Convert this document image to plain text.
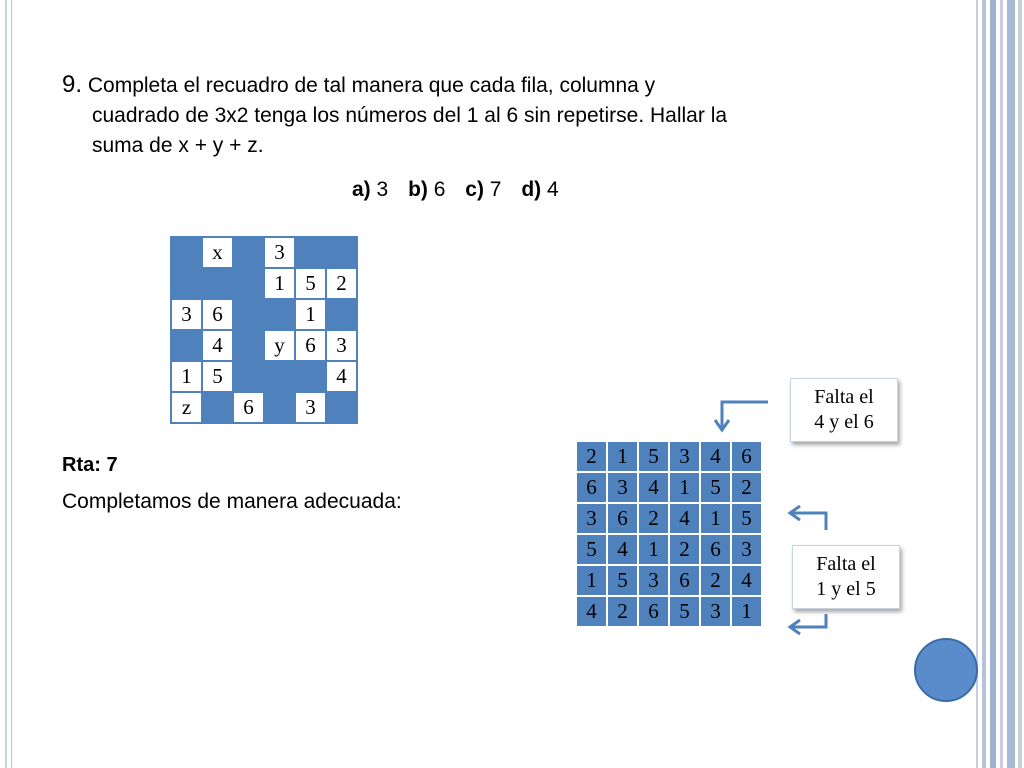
9. Completa el recuadro de tal manera que cada fila, columna y
cuadrado de 3x2 tenga los números del 1 al 6 sin repetirse. Hallar la
suma de x + y + z.
a) 3 b) 6 c) 7 d) 4
	x		3		
			1	5	2
3	6			1	
	4		y	6	3
1	5				4
z		6		3	
Rta: 7
Completamos de manera adecuada:
2	1	5	3	4	6
6	3	4	1	5	2
3	6	2	4	1	5
5	4	1	2	6	3
1	5	3	6	2	4
4	2	6	5	3	1
Falta el
4 y el 6
Falta el
1 y el 5
